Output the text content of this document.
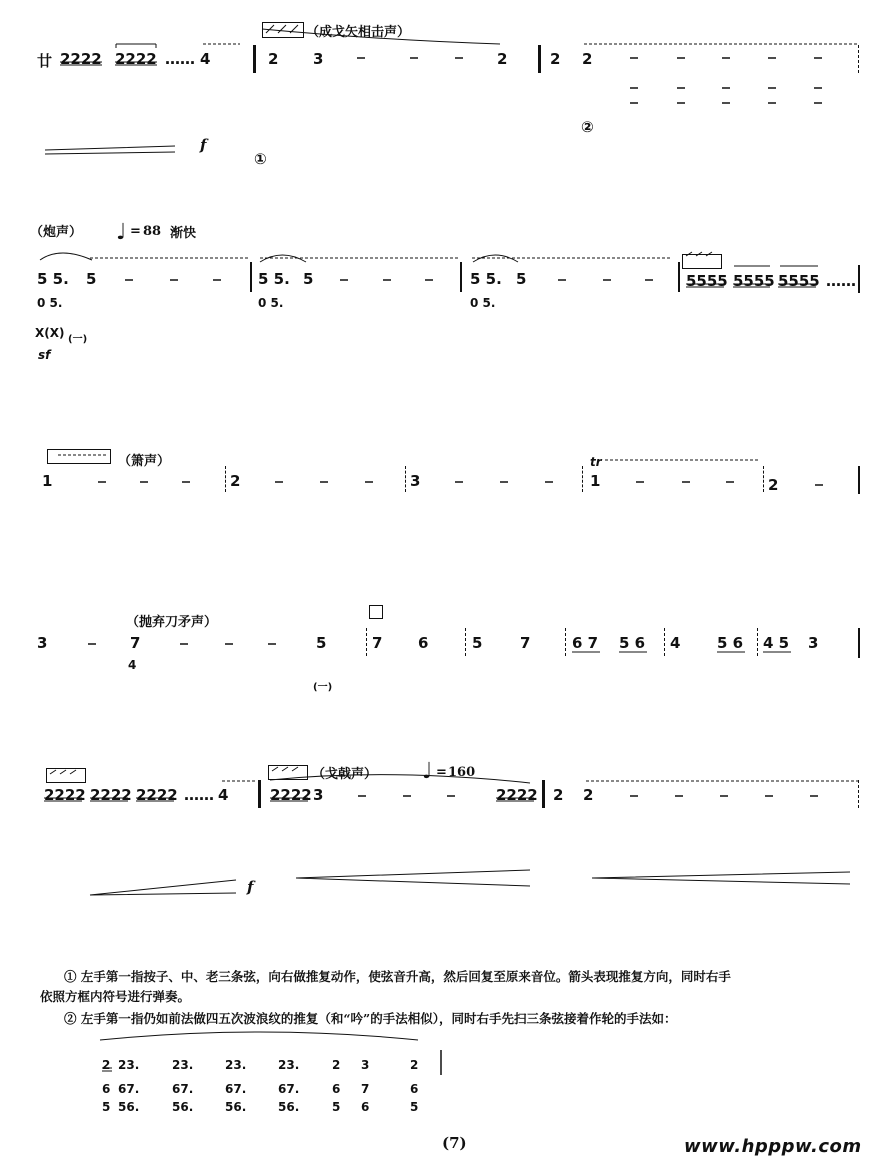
廿 2222 2222 …… 4
（成戈矢相击声）
2 3	2	2 2
f
①
②
（炮声） ♩ = 88 渐快
5 5. 5
0 5.
X(X) (一)
sf
5 5. 5
0 5.
5 5. 5
0 5.
5555 5555 5555 ……
（箫声）
1	2	3
tr
1	2
（抛弃刀矛声）
3	7
4
5
(一)
7 6	5	7	6 7 5 6 4 5 6 4 5 3
2222 2222 2222 …… 4
（戈戟声） ♩ = 160
2222 3	2222 2 2
f
① 左手第一指按子、中、老三条弦，向右做推复动作，使弦音升高，然后回复至原来音位。箭头表现推复方向，同时右手
依照方框内符号进行弹奏。
② 左手第一指仍如前法做四五次波浪纹的推复（和“吟”的手法相似），同时右手先扫三条弦接着作轮的手法如：
2 23.	23.	23.	23.	2 3	2
6 67.	67.	67.	67.	6 7	6
5 56.	56.	56.	56.	5 6	5
(7)	www.hpppw.com
